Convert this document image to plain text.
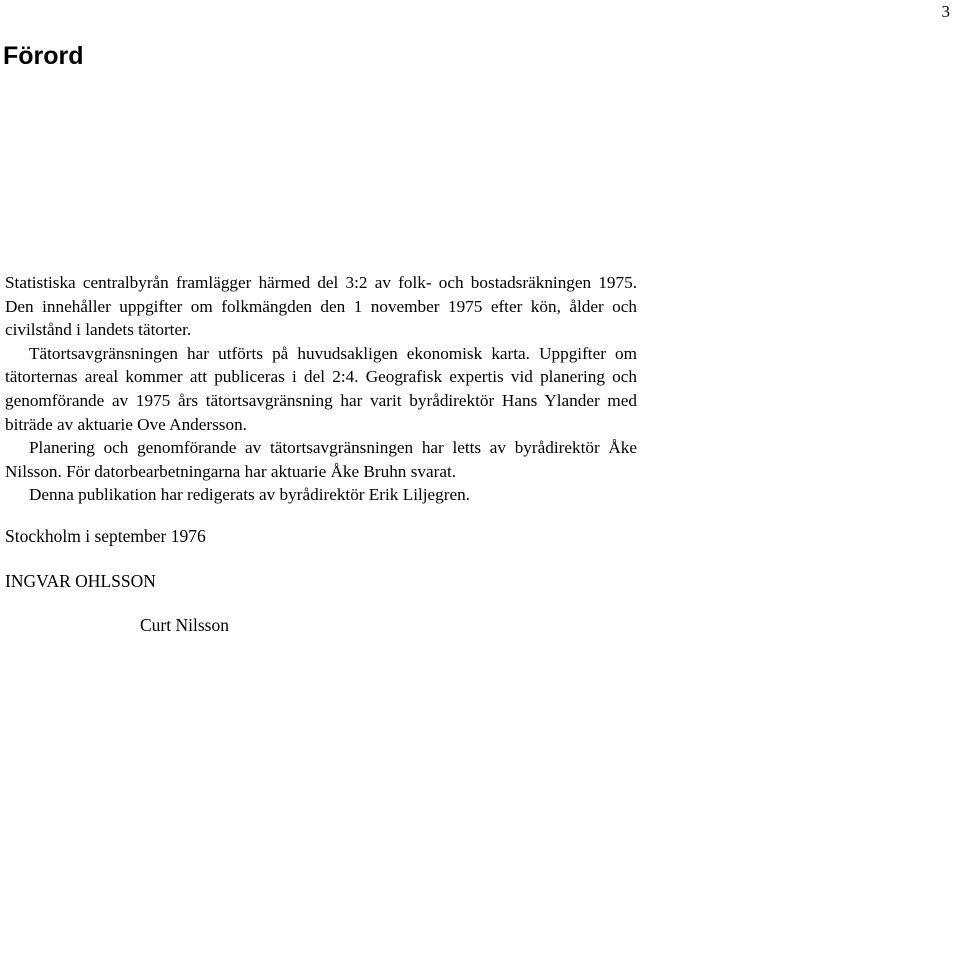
3
Förord

Statistiska centralbyrån framlägger härmed del 3:2 av folk- och bostadsräkningen 1975. Den innehåller uppgifter om folkmängden den 1 november 1975 efter kön, ålder och civilstånd i landets tätorter.

Tätortsavgränsningen har utförts på huvudsakligen ekonomisk karta. Uppgifter om tätorternas areal kommer att publiceras i del 2:4. Geografisk expertis vid planering och genomförande av 1975 års tätortsavgränsning har varit byrådirektör Hans Ylander med biträde av aktuarie Ove Andersson.

Planering och genomförande av tätortsavgränsningen har letts av byrådirektör Åke Nilsson. För datorbearbetningarna har aktuarie Åke Bruhn svarat.

Denna publikation har redigerats av byrådirektör Erik Liljegren.

Stockholm i september 1976
INGVAR OHLSSON
Curt Nilsson
